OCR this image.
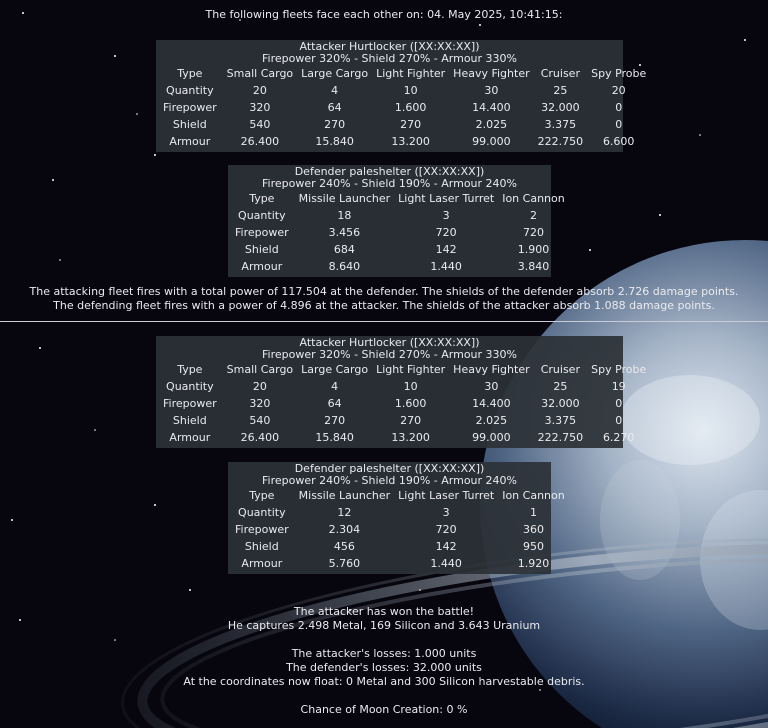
The following fleets face each other on: 04. May 2025, 10:41:15:
Attacker Hurtlocker ([XX:XX:XX])
Firepower 320% - Shield 270% - Armour 330%
Type	Small Cargo	Large Cargo	Light Fighter	Heavy Fighter	Cruiser	Spy Probe
Quantity	20	4	10	30	25	20
Firepower	320	64	1.600	14.400	32.000	0
Shield	540	270	270	2.025	3.375	0
Armour	26.400	15.840	13.200	99.000	222.750	6.600
Defender paleshelter ([XX:XX:XX])
Firepower 240% - Shield 190% - Armour 240%
Type	Missile Launcher	Light Laser Turret	Ion Cannon
Quantity	18	3	2
Firepower	3.456	720	720
Shield	684	142	1.900
Armour	8.640	1.440	3.840
The attacking fleet fires with a total power of 117.504 at the defender. The shields of the defender absorb 2.726 damage points.
The defending fleet fires with a power of 4.896 at the attacker. The shields of the attacker absorb 1.088 damage points.
Attacker Hurtlocker ([XX:XX:XX])
Firepower 320% - Shield 270% - Armour 330%
Type	Small Cargo	Large Cargo	Light Fighter	Heavy Fighter	Cruiser	Spy Probe
Quantity	20	4	10	30	25	19
Firepower	320	64	1.600	14.400	32.000	0
Shield	540	270	270	2.025	3.375	0
Armour	26.400	15.840	13.200	99.000	222.750	6.270
Defender paleshelter ([XX:XX:XX])
Firepower 240% - Shield 190% - Armour 240%
Type	Missile Launcher	Light Laser Turret	Ion Cannon
Quantity	12	3	1
Firepower	2.304	720	360
Shield	456	142	950
Armour	5.760	1.440	1.920
The attacker has won the battle!
He captures 2.498 Metal, 169 Silicon and 3.643 Uranium
The attacker's losses: 1.000 units
The defender's losses: 32.000 units
At the coordinates now float: 0 Metal and 300 Silicon harvestable debris.
Chance of Moon Creation: 0 %
